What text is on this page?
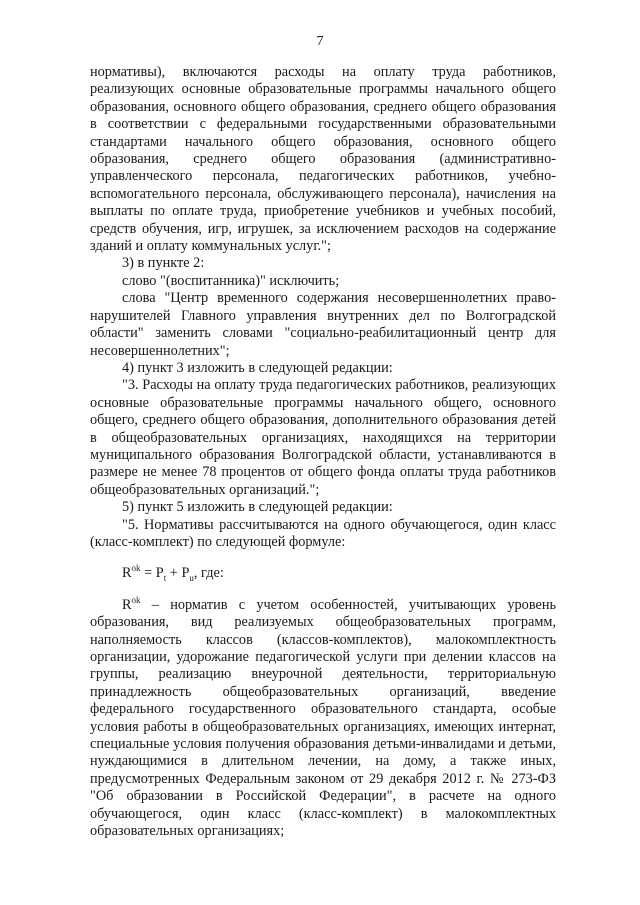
7

нормативы), включаются расходы на оплату труда работников, реализующих основные образовательные программы начального общего образования, основного общего образования, среднего общего образования в соответствии с федеральными государственными образовательными стандартами начального общего образования, основного общего образования, среднего общего образования (административно-управленческого персонала, педагогических работников, учебно-вспомогательного персонала, обслуживающего персонала), начисления на выплаты по оплате труда, приобретение учебников и учебных пособий, средств обучения, игр, игрушек, за исключением расходов на содержание зданий и оплату коммунальных услуг.";

3) в пункте 2:

слово "(воспитанника)" исключить;

слова "Центр временного содержания несовершеннолетних правонарушителей Главного управления внутренних дел по Волгоградской области" заменить словами "социально-реабилитационный центр для несовершеннолетних";

4) пункт 3 изложить в следующей редакции:

"3. Расходы на оплату труда педагогических работников, реализующих основные образовательные программы начального общего, основного общего, среднего общего образования, дополнительного образования детей в общеобразовательных организациях, находящихся на территории муниципального образования Волгоградской области, устанавливаются в размере не менее 78 процентов от общего фонда оплаты труда работников общеобразовательных организаций.";

5) пункт 5 изложить в следующей редакции:

"5. Нормативы рассчитываются на одного обучающегося, один класс (класс-комплект) по следующей формуле:

$R^{ok} = P_t + P_u$, где:

$R^{ok}$ – норматив с учетом особенностей, учитывающих уровень образования, вид реализуемых общеобразовательных программ, наполняемость классов (классов-комплектов), малокомплектность организации, удорожание педагогической услуги при делении классов на группы, реализацию внеурочной деятельности, территориальную принадлежность общеобразовательных организаций, введение федерального государственного образовательного стандарта, особые условия работы в общеобразовательных организациях, имеющих интернат, специальные условия получения образования детьми-инвалидами и детьми, нуждающимися в длительном лечении, на дому, а также иных, предусмотренных Федеральным законом от 29 декабря 2012 г. № 273-ФЗ "Об образовании в Российской Федерации", в расчете на одного обучающегося, один класс (класс-комплект) в малокомплектных образовательных организациях;
